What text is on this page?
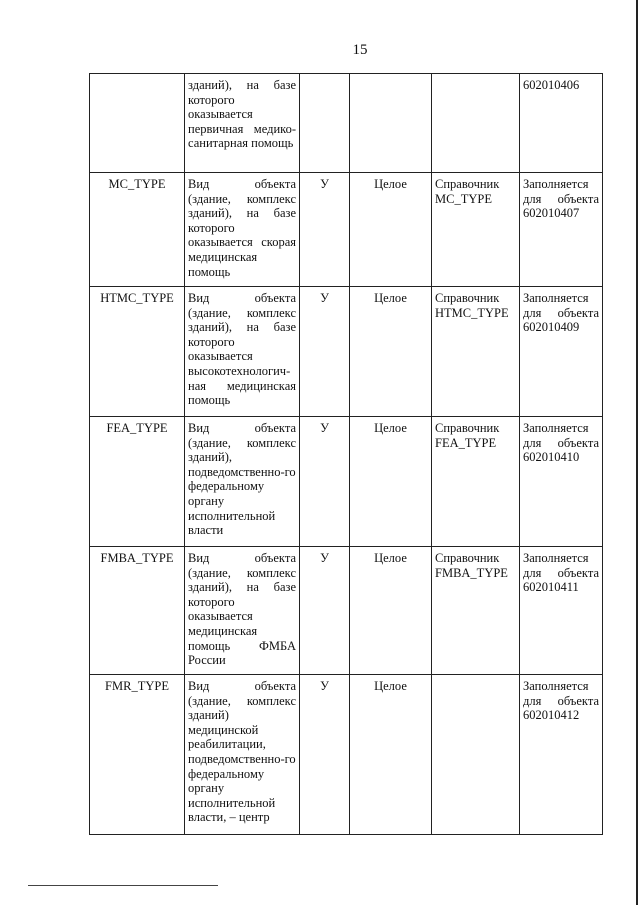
15
	зданий), на базе которого оказывается первичная медико-санитарная помощь				602010406
MC_TYPE	Вид объекта (здание, комплекс зданий), на базе которого оказывается скорая медицинская помощь	У	Целое	Справочник MC_TYPE	Заполняется для объекта 602010407
HTMC_TYPE	Вид объекта (здание, комплекс зданий), на базе которого оказывается высокотехнологич-ная медицинская помощь	У	Целое	Справочник HTMC_TYPE	Заполняется для объекта 602010409
FEA_TYPE	Вид объекта (здание, комплекс зданий), подведомственно-го федеральному органу исполнительной власти	У	Целое	Справочник FEA_TYPE	Заполняется для объекта 602010410
FMBA_TYPE	Вид объекта (здание, комплекс зданий), на базе которого оказывается медицинская помощь ФМБА России	У	Целое	Справочник FMBA_TYPE	Заполняется для объекта 602010411
FMR_TYPE	Вид объекта (здание, комплекс зданий) медицинской реабилитации, подведомственно-го федеральному органу исполнительной власти, – центр	У	Целое		Заполняется для объекта 602010412
